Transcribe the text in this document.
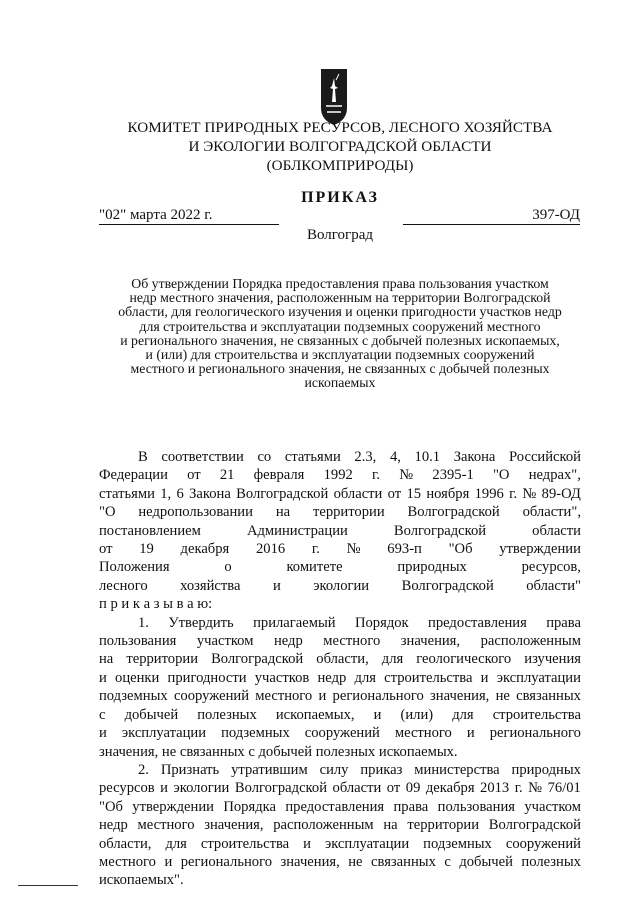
КОМИТЕТ ПРИРОДНЫХ РЕСУРСОВ, ЛЕСНОГО ХОЗЯЙСТВА
И ЭКОЛОГИИ ВОЛГОГРАДСКОЙ ОБЛАСТИ
(ОБЛКОМПРИРОДЫ)
ПРИКАЗ
"02" марта 2022 г.	397-ОД
Волгоград
Об утверждении Порядка предоставления права пользования участком
недр местного значения, расположенным на территории Волгоградской
области, для геологического изучения и оценки пригодности участков недр
для строительства и эксплуатации подземных сооружений местного
и регионального значения, не связанных с добычей полезных ископаемых,
и (или) для строительства и эксплуатации подземных сооружений
местного и регионального значения, не связанных с добычей полезных
ископаемых
В соответствии со статьями 2.3, 4, 10.1 Закона Российской
Федерации от 21 февраля 1992 г. № 2395-1 "О недрах",
статьями 1, 6 Закона Волгоградской области от 15 ноября 1996 г. № 89-ОД
"О недропользовании на территории Волгоградской области",
постановлением	Администрации	Волгоградской	области
от 19 декабря 2016 г. № 693-п "Об утверждении
Положения	о	комитете	природных	ресурсов,
лесного хозяйства и экологии Волгоградской области"
п р и к а з ы в а ю:
1. Утвердить прилагаемый Порядок предоставления права
пользования участком недр местного значения, расположенным
на территории Волгоградской области, для геологического изучения
и оценки пригодности участков недр для строительства и эксплуатации
подземных сооружений местного и регионального значения, не связанных
с добычей полезных ископаемых, и (или) для строительства
и эксплуатации подземных сооружений местного и регионального
значения, не связанных с добычей полезных ископаемых.
2. Признать утратившим силу приказ министерства природных
ресурсов и экологии Волгоградской области от 09 декабря 2013 г. № 76/01
"Об утверждении Порядка предоставления права пользования участком
недр местного значения, расположенным на территории Волгоградской
области, для строительства и эксплуатации подземных сооружений
местного и регионального значения, не связанных с добычей полезных
ископаемых".
